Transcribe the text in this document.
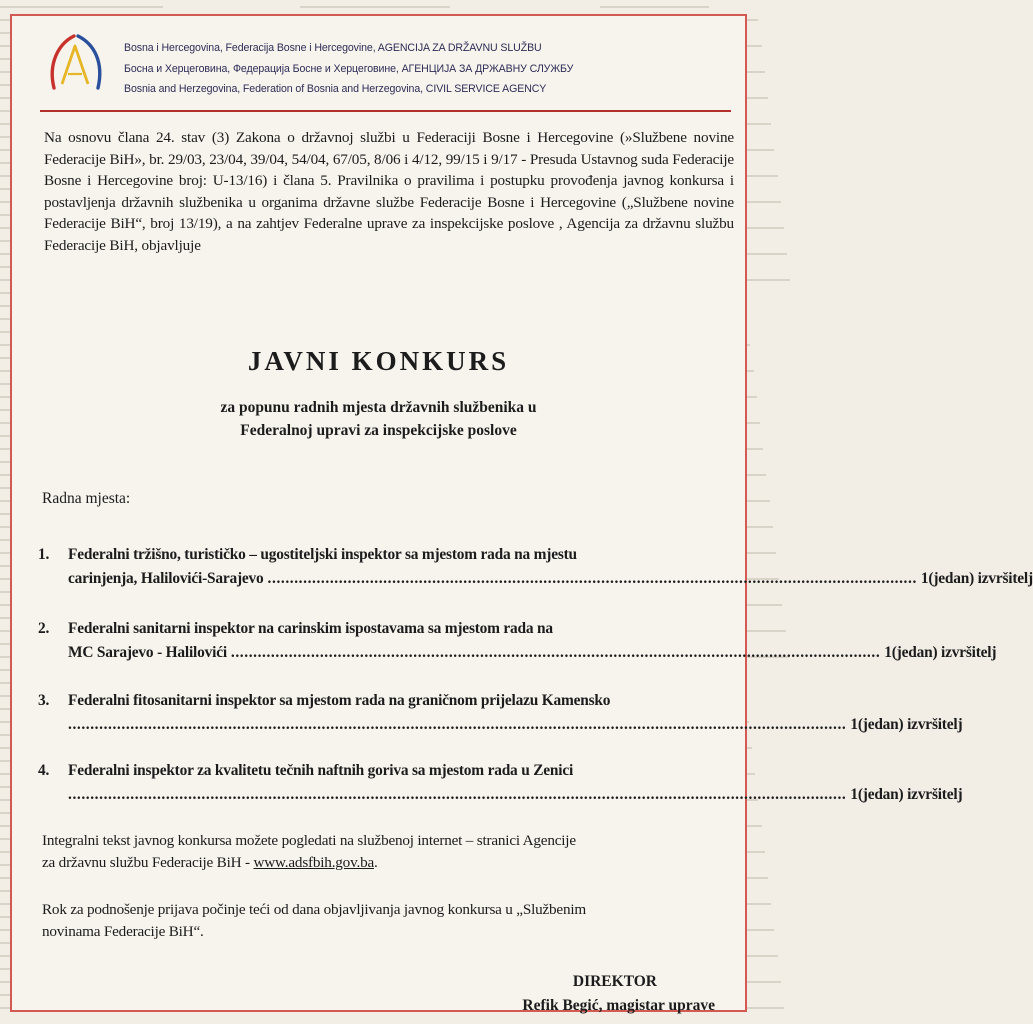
Bosna i Hercegovina, Federacija Bosne i Hercegovine, AGENCIJA ZA DRŽAVNU SLUŽBU
Босна и Херцеговина, Федерација Босне и Херцеговине, АГЕНЦИЈА ЗА ДРЖАВНУ СЛУЖБУ
Bosnia and Herzegovina, Federation of Bosnia and Herzegovina, CIVIL SERVICE AGENCY

Na osnovu člana 24. stav (3) Zakona o državnoj službi u Federaciji Bosne i Hercegovine (»Službene novine Federacije BiH», br. 29/03, 23/04, 39/04, 54/04, 67/05, 8/06 i 4/12, 99/15 i 9/17 - Presuda Ustavnog suda Federacije Bosne i Hercegovine broj: U-13/16) i člana 5. Pravilnika o pravilima i postupku provođenja javnog konkursa i postavljenja državnih službenika u organima državne službe Federacije Bosne i Hercegovine („Službene novine Federacije BiH“, broj 13/19), a na zahtjev Federalne uprave za inspekcijske poslove , Agencija za državnu službu Federacije BiH, objavljuje

JAVNI KONKURS
za popunu radnih mjesta državnih službenika u
Federalnoj upravi za inspekcijske poslove
Radna mjesta:
1. Federalni tržišno, turističko – ugostiteljski inspektor sa mjestom rada na mjestu
carinjenja, Halilovići-Sarajevo .................................................................................................................................................. 1(jedan) izvršitelj
2. Federalni sanitarni inspektor na carinskim ispostavama sa mjestom rada na
MC Sarajevo - Halilovići .................................................................................................................................................. 1(jedan) izvršitelj
3. Federalni fitosanitarni inspektor sa mjestom rada na graničnom prijelazu Kamensko
............................................................................................................................................................................... 1(jedan) izvršitelj
4. Federalni inspektor za kvalitetu tečnih naftnih goriva sa mjestom rada u Zenici
............................................................................................................................................................................... 1(jedan) izvršitelj
Integralni tekst javnog konkursa možete pogledati na službenoj internet – stranici Agencije
za državnu službu Federacije BiH - www.adsfbih.gov.ba.
Rok za podnošenje prijava počinje teći od dana objavljivanja javnog konkursa u „Službenim
novinama Federacije BiH“.
DIREKTOR
Refik Begić, magistar uprave
